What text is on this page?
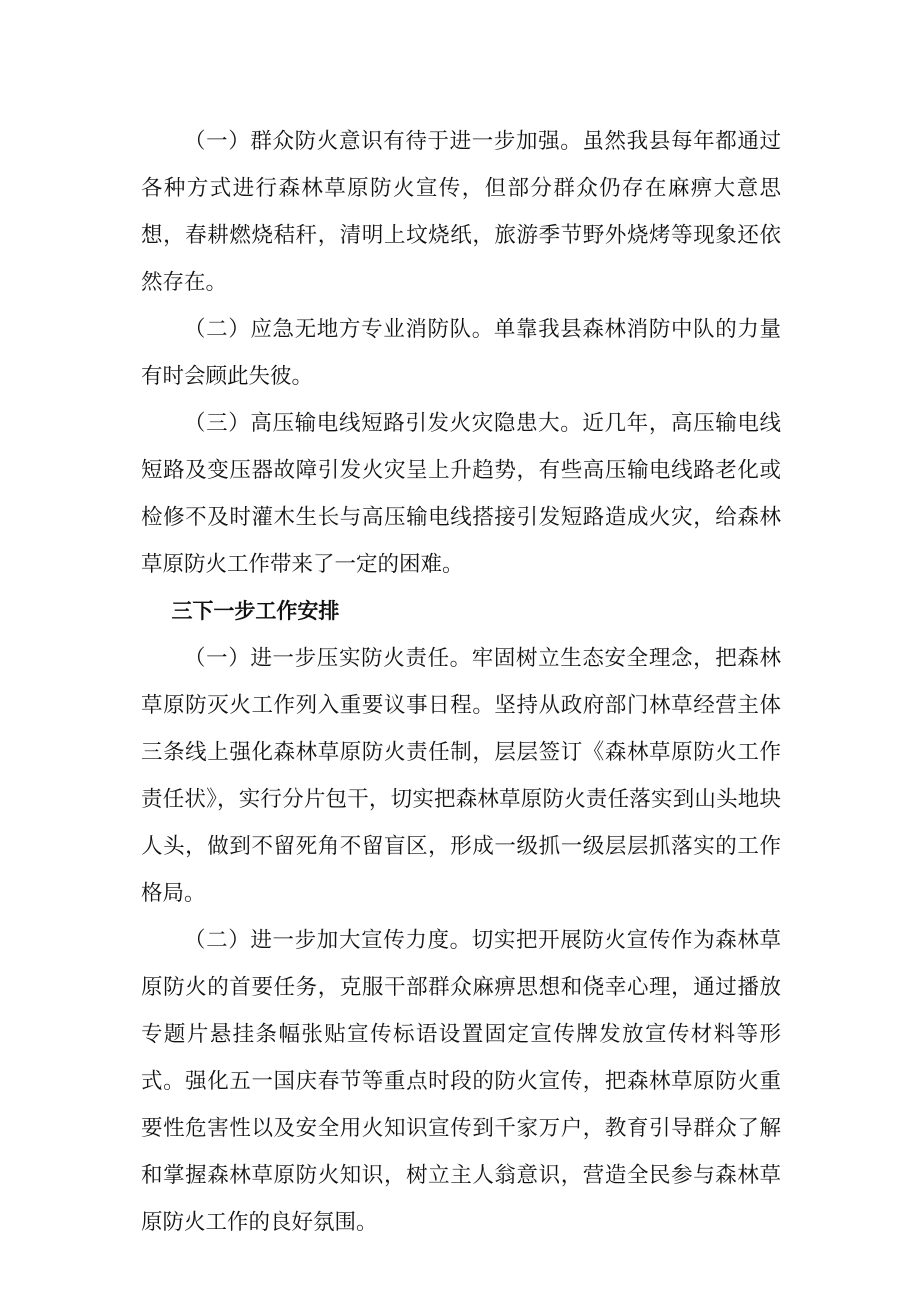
（一）群众防火意识有待于进一步加强。虽然我县每年都通过各种方式进行森林草原防火宣传，但部分群众仍存在麻痹大意思想，春耕燃烧秸秆，清明上坟烧纸，旅游季节野外烧烤等现象还依然存在。

（二）应急无地方专业消防队。单靠我县森林消防中队的力量有时会顾此失彼。

（三）高压输电线短路引发火灾隐患大。近几年，高压输电线短路及变压器故障引发火灾呈上升趋势，有些高压输电线路老化或检修不及时灌木生长与高压输电线搭接引发短路造成火灾，给森林草原防火工作带来了一定的困难。

三下一步工作安排

（一）进一步压实防火责任。牢固树立生态安全理念，把森林草原防灭火工作列入重要议事日程。坚持从政府部门林草经营主体三条线上强化森林草原防火责任制，层层签订《森林草原防火工作责任状》，实行分片包干，切实把森林草原防火责任落实到山头地块人头，做到不留死角不留盲区，形成一级抓一级层层抓落实的工作格局。

（二）进一步加大宣传力度。切实把开展防火宣传作为森林草原防火的首要任务，克服干部群众麻痹思想和侥幸心理，通过播放专题片悬挂条幅张贴宣传标语设置固定宣传牌发放宣传材料等形式。强化五一国庆春节等重点时段的防火宣传，把森林草原防火重要性危害性以及安全用火知识宣传到千家万户，教育引导群众了解和掌握森林草原防火知识，树立主人翁意识，营造全民参与森林草原防火工作的良好氛围。
